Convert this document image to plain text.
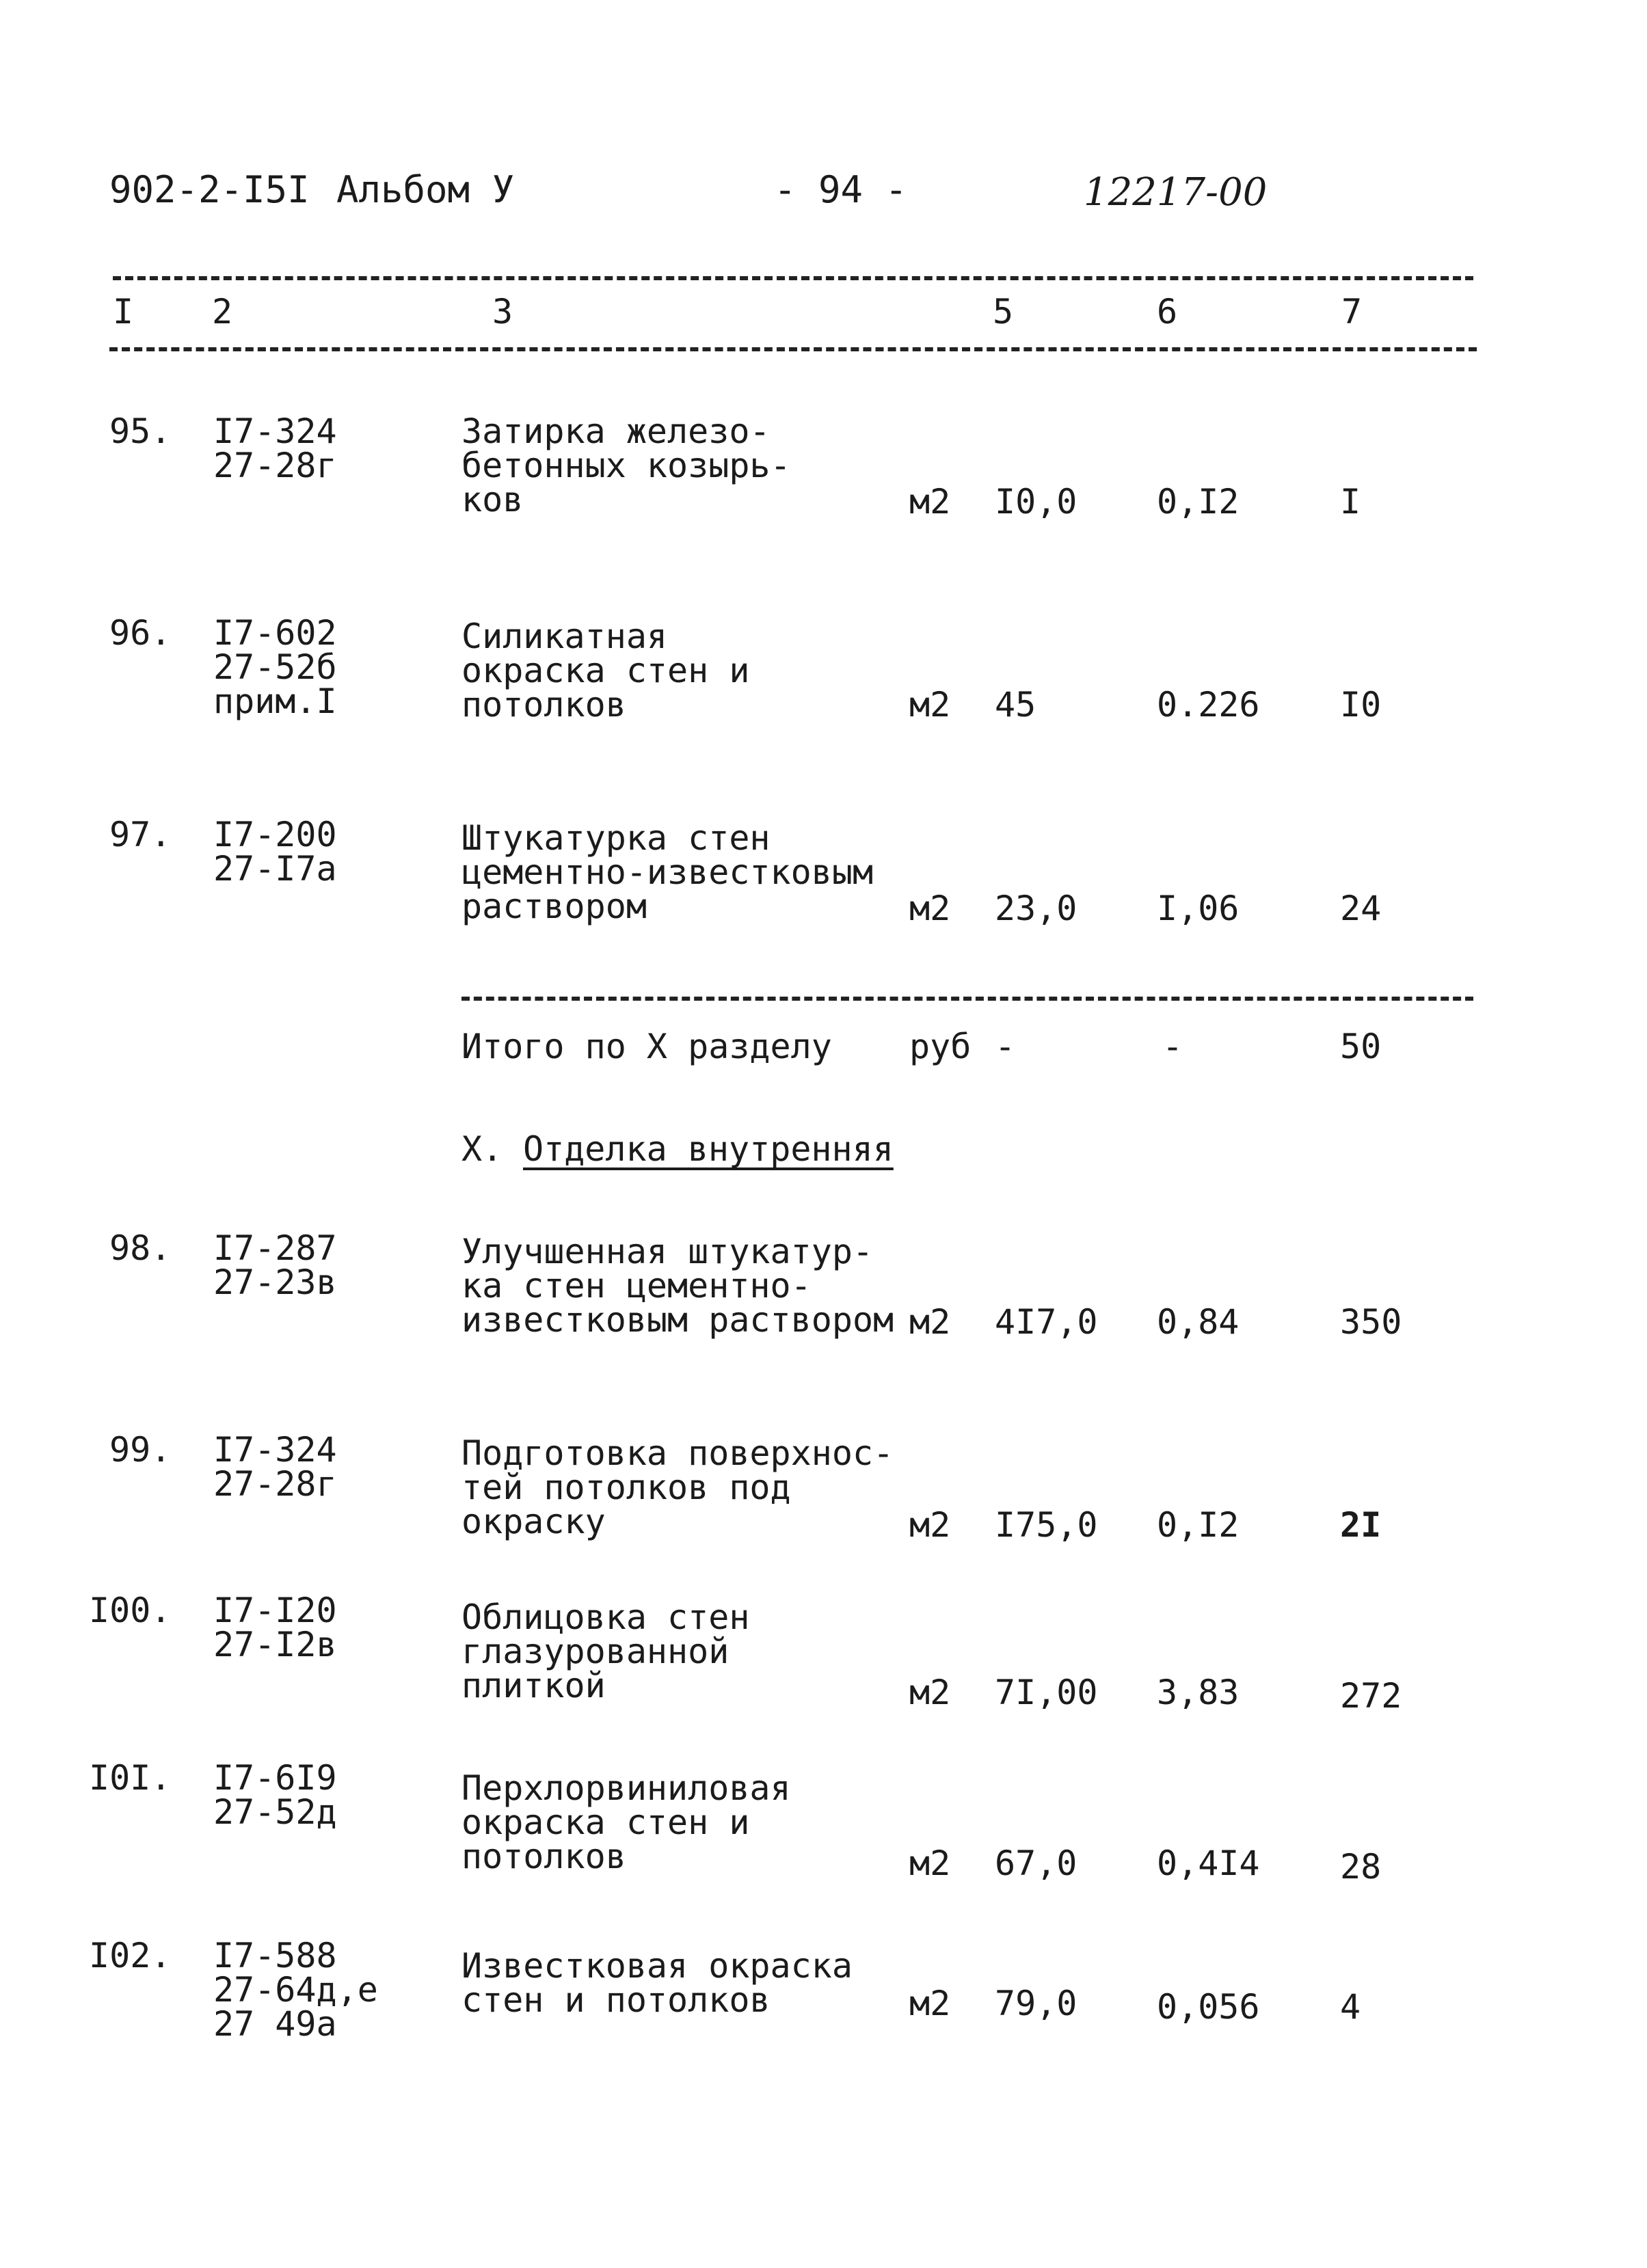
902-2-I5I Альбом У	- 94 -	12217-00
I 2	3	5	6	7
95. I7-324
27-28г
Затирка железо-
бетонных козырь-
ков	м2 I0,0 0,I2	I
96. I7-602
27-52б
прим.I
Силикатная
окраска стен и
потолков	м2 45	0.226 I0
97. I7-200
27-I7а
Штукатурка стен
цементно-известковым
раствором	м2 23,0 I,06	24
Итого по X разделу руб -	-	50
X. Отделка внутренняя
98. I7-287
27-23в
Улучшенная штукатур-
ка стен цементно-
известковым раствором м2 4I7,0 0,84	350
99. I7-324
27-28г
Подготовка поверхнос-
тей потолков под
окраску	м2 I75,0 0,I2	2I
I00. I7-I20
27-I2в
Облицовка стен
глазурованной
плиткой	м2 7I,00 3,83	272
I0I. I7-6I9
27-52д
Перхлорвиниловая
окраска стен и
потолков	м2 67,0 0,4I4 28
I02. I7-588
27-64д,е
27 49а
Известковая окраска
стен и потолков	м2 79,0 0,056 4
